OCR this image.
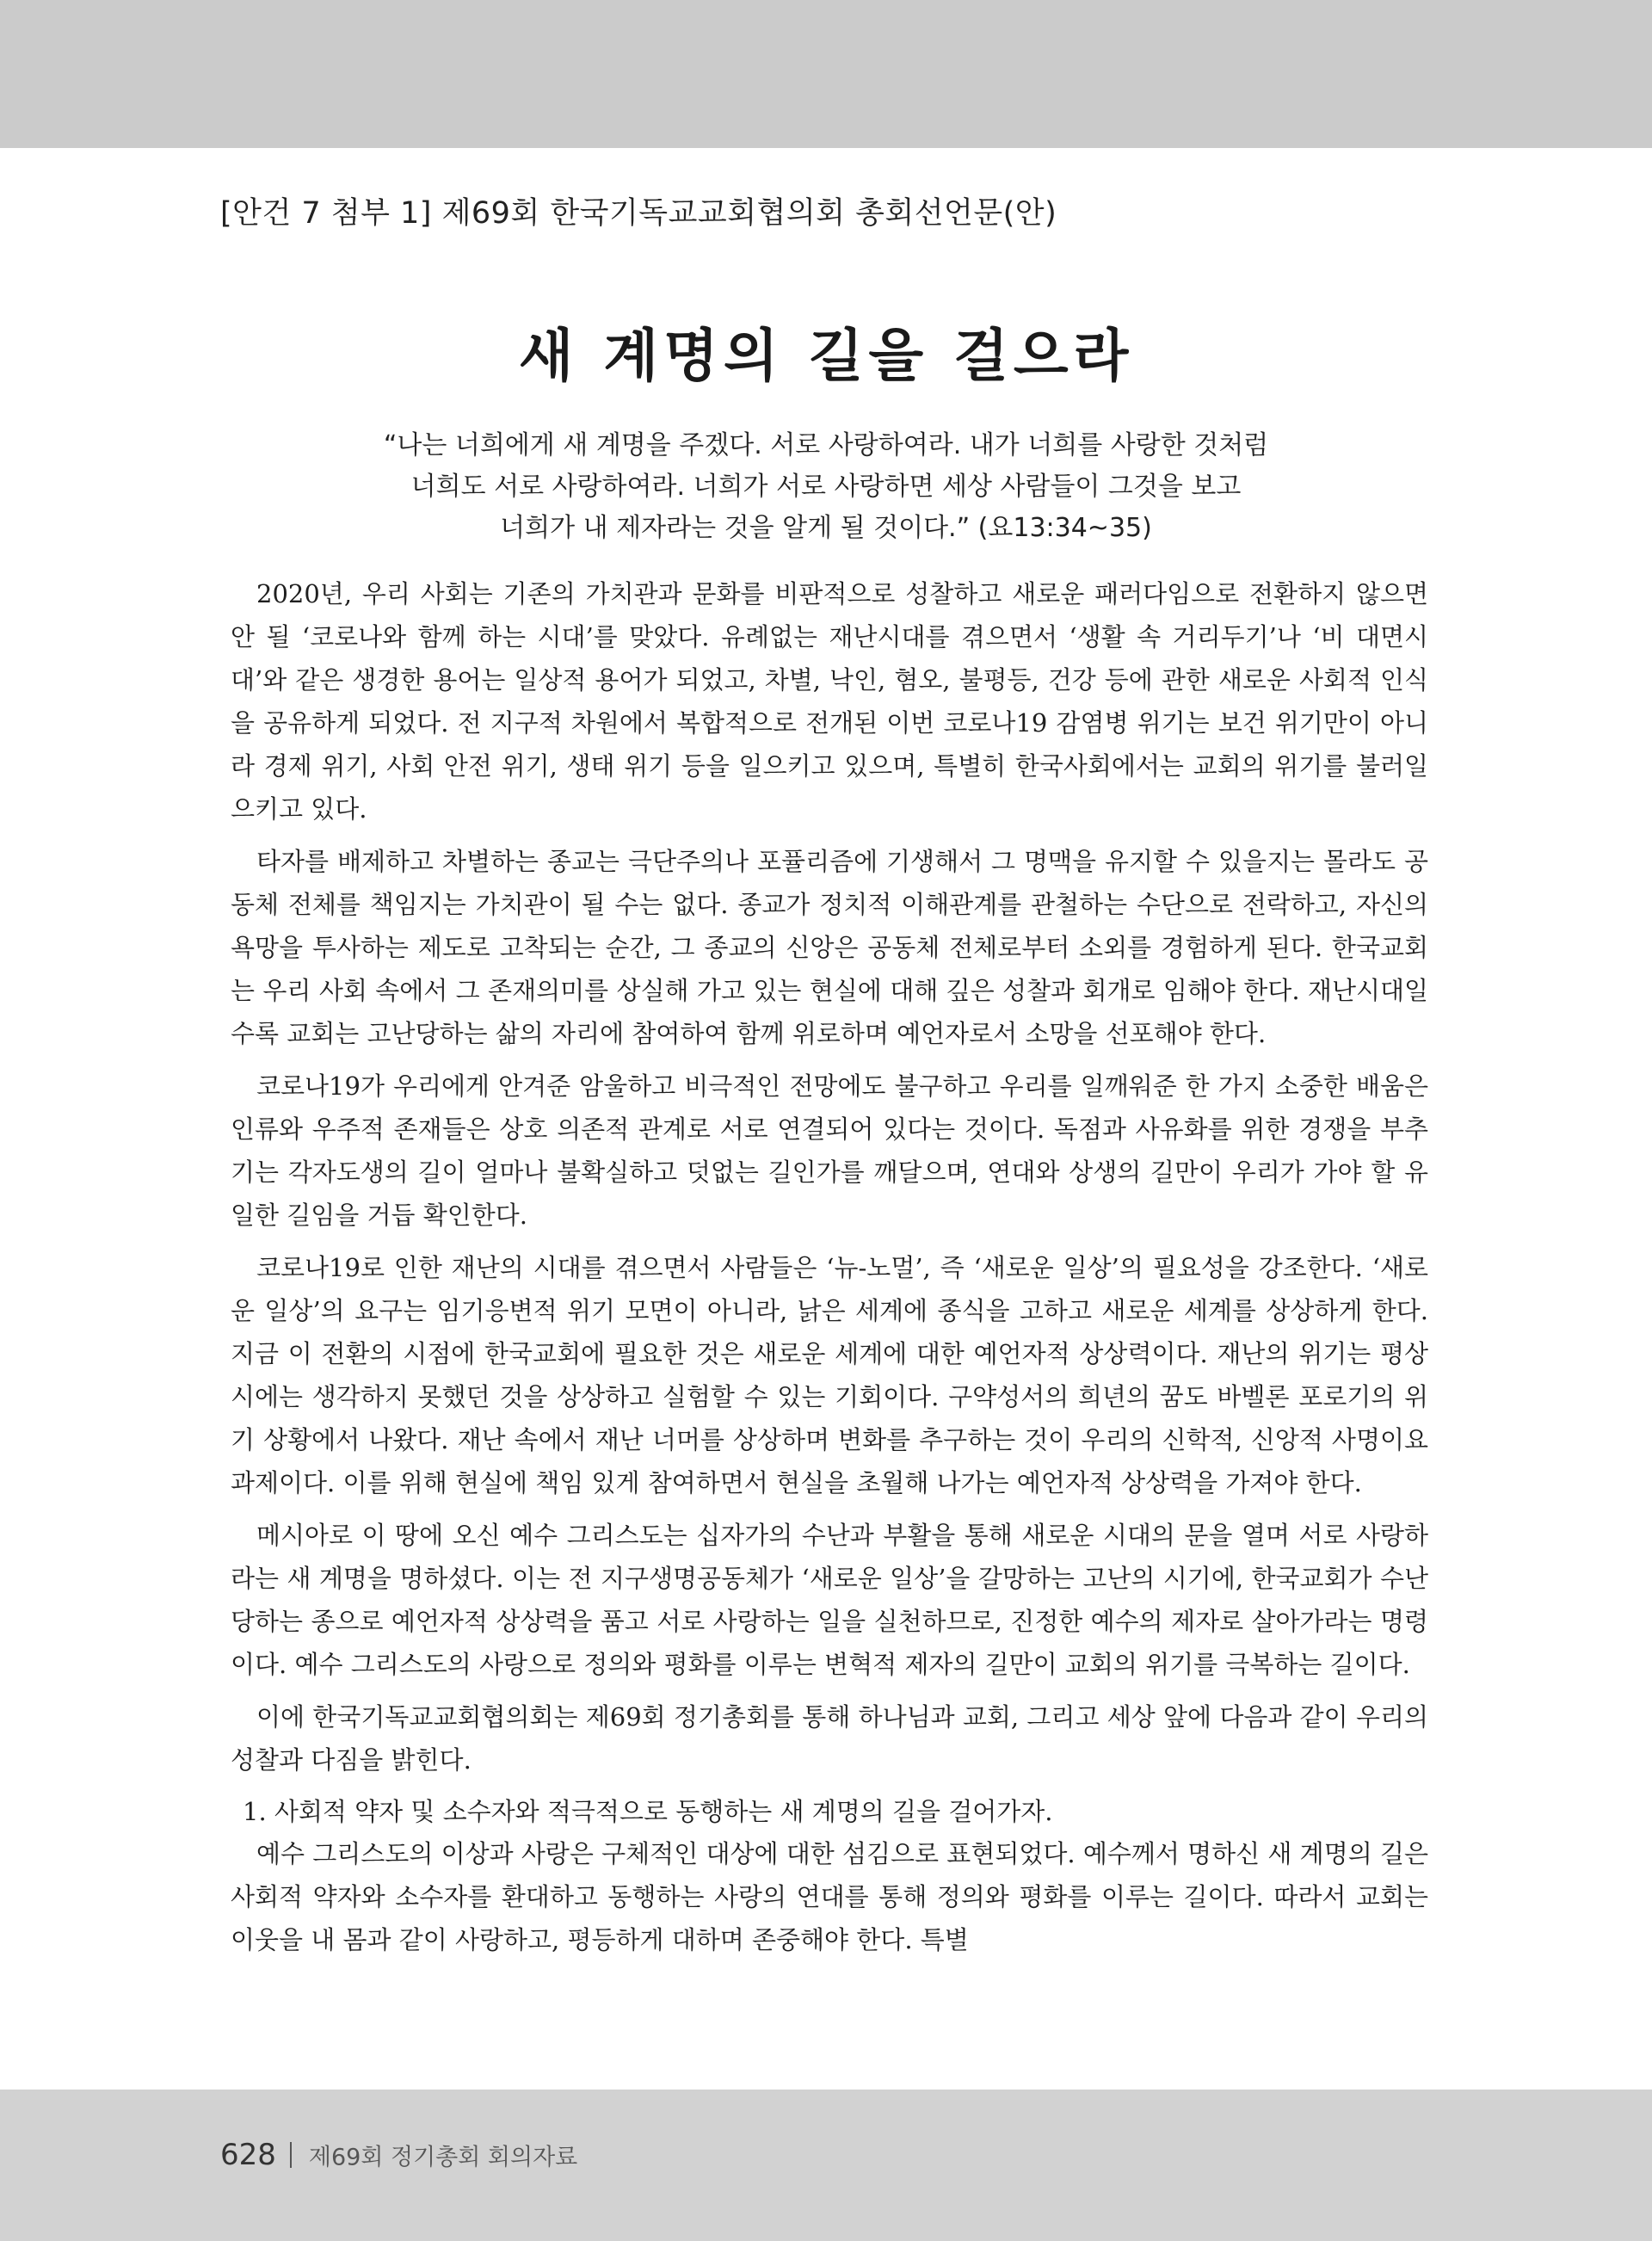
[안건 7 첨부 1] 제69회 한국기독교교회협의회 총회선언문(안)
새 계명의 길을 걸으라
“나는 너희에게 새 계명을 주겠다. 서로 사랑하여라. 내가 너희를 사랑한 것처럼
너희도 서로 사랑하여라. 너희가 서로 사랑하면 세상 사람들이 그것을 보고
너희가 내 제자라는 것을 알게 될 것이다.” (요13:34~35)

2020년, 우리 사회는 기존의 가치관과 문화를 비판적으로 성찰하고 새로운 패러다임으로 전환하지 않으면 안 될 ‘코로나와 함께 하는 시대’를 맞았다. 유례없는 재난시대를 겪으면서 ‘생활 속 거리두기’나 ‘비 대면시대’와 같은 생경한 용어는 일상적 용어가 되었고, 차별, 낙인, 혐오, 불평등, 건강 등에 관한 새로운 사회적 인식을 공유하게 되었다. 전 지구적 차원에서 복합적으로 전개된 이번 코로나19 감염병 위기는 보건 위기만이 아니라 경제 위기, 사회 안전 위기, 생태 위기 등을 일으키고 있으며, 특별히 한국사회에서는 교회의 위기를 불러일으키고 있다.

타자를 배제하고 차별하는 종교는 극단주의나 포퓰리즘에 기생해서 그 명맥을 유지할 수 있을지는 몰라도 공동체 전체를 책임지는 가치관이 될 수는 없다. 종교가 정치적 이해관계를 관철하는 수단으로 전락하고, 자신의 욕망을 투사하는 제도로 고착되는 순간, 그 종교의 신앙은 공동체 전체로부터 소외를 경험하게 된다. 한국교회는 우리 사회 속에서 그 존재의미를 상실해 가고 있는 현실에 대해 깊은 성찰과 회개로 임해야 한다. 재난시대일수록 교회는 고난당하는 삶의 자리에 참여하여 함께 위로하며 예언자로서 소망을 선포해야 한다.

코로나19가 우리에게 안겨준 암울하고 비극적인 전망에도 불구하고 우리를 일깨워준 한 가지 소중한 배움은 인류와 우주적 존재들은 상호 의존적 관계로 서로 연결되어 있다는 것이다. 독점과 사유화를 위한 경쟁을 부추기는 각자도생의 길이 얼마나 불확실하고 덧없는 길인가를 깨달으며, 연대와 상생의 길만이 우리가 가야 할 유일한 길임을 거듭 확인한다.

코로나19로 인한 재난의 시대를 겪으면서 사람들은 ‘뉴-노멀’, 즉 ‘새로운 일상’의 필요성을 강조한다. ‘새로운 일상’의 요구는 임기응변적 위기 모면이 아니라, 낡은 세계에 종식을 고하고 새로운 세계를 상상하게 한다. 지금 이 전환의 시점에 한국교회에 필요한 것은 새로운 세계에 대한 예언자적 상상력이다. 재난의 위기는 평상시에는 생각하지 못했던 것을 상상하고 실험할 수 있는 기회이다. 구약성서의 희년의 꿈도 바벨론 포로기의 위기 상황에서 나왔다. 재난 속에서 재난 너머를 상상하며 변화를 추구하는 것이 우리의 신학적, 신앙적 사명이요 과제이다. 이를 위해 현실에 책임 있게 참여하면서 현실을 초월해 나가는 예언자적 상상력을 가져야 한다.

메시아로 이 땅에 오신 예수 그리스도는 십자가의 수난과 부활을 통해 새로운 시대의 문을 열며 서로 사랑하라는 새 계명을 명하셨다. 이는 전 지구생명공동체가 ‘새로운 일상’을 갈망하는 고난의 시기에, 한국교회가 수난 당하는 종으로 예언자적 상상력을 품고 서로 사랑하는 일을 실천하므로, 진정한 예수의 제자로 살아가라는 명령이다. 예수 그리스도의 사랑으로 정의와 평화를 이루는 변혁적 제자의 길만이 교회의 위기를 극복하는 길이다.

이에 한국기독교교회협의회는 제69회 정기총회를 통해 하나님과 교회, 그리고 세상 앞에 다음과 같이 우리의 성찰과 다짐을 밝힌다.

1. 사회적 약자 및 소수자와 적극적으로 동행하는 새 계명의 길을 걸어가자.

예수 그리스도의 이상과 사랑은 구체적인 대상에 대한 섬김으로 표현되었다. 예수께서 명하신 새 계명의 길은 사회적 약자와 소수자를 환대하고 동행하는 사랑의 연대를 통해 정의와 평화를 이루는 길이다. 따라서 교회는 이웃을 내 몸과 같이 사랑하고, 평등하게 대하며 존중해야 한다. 특별

628 제69회 정기총회 회의자료
